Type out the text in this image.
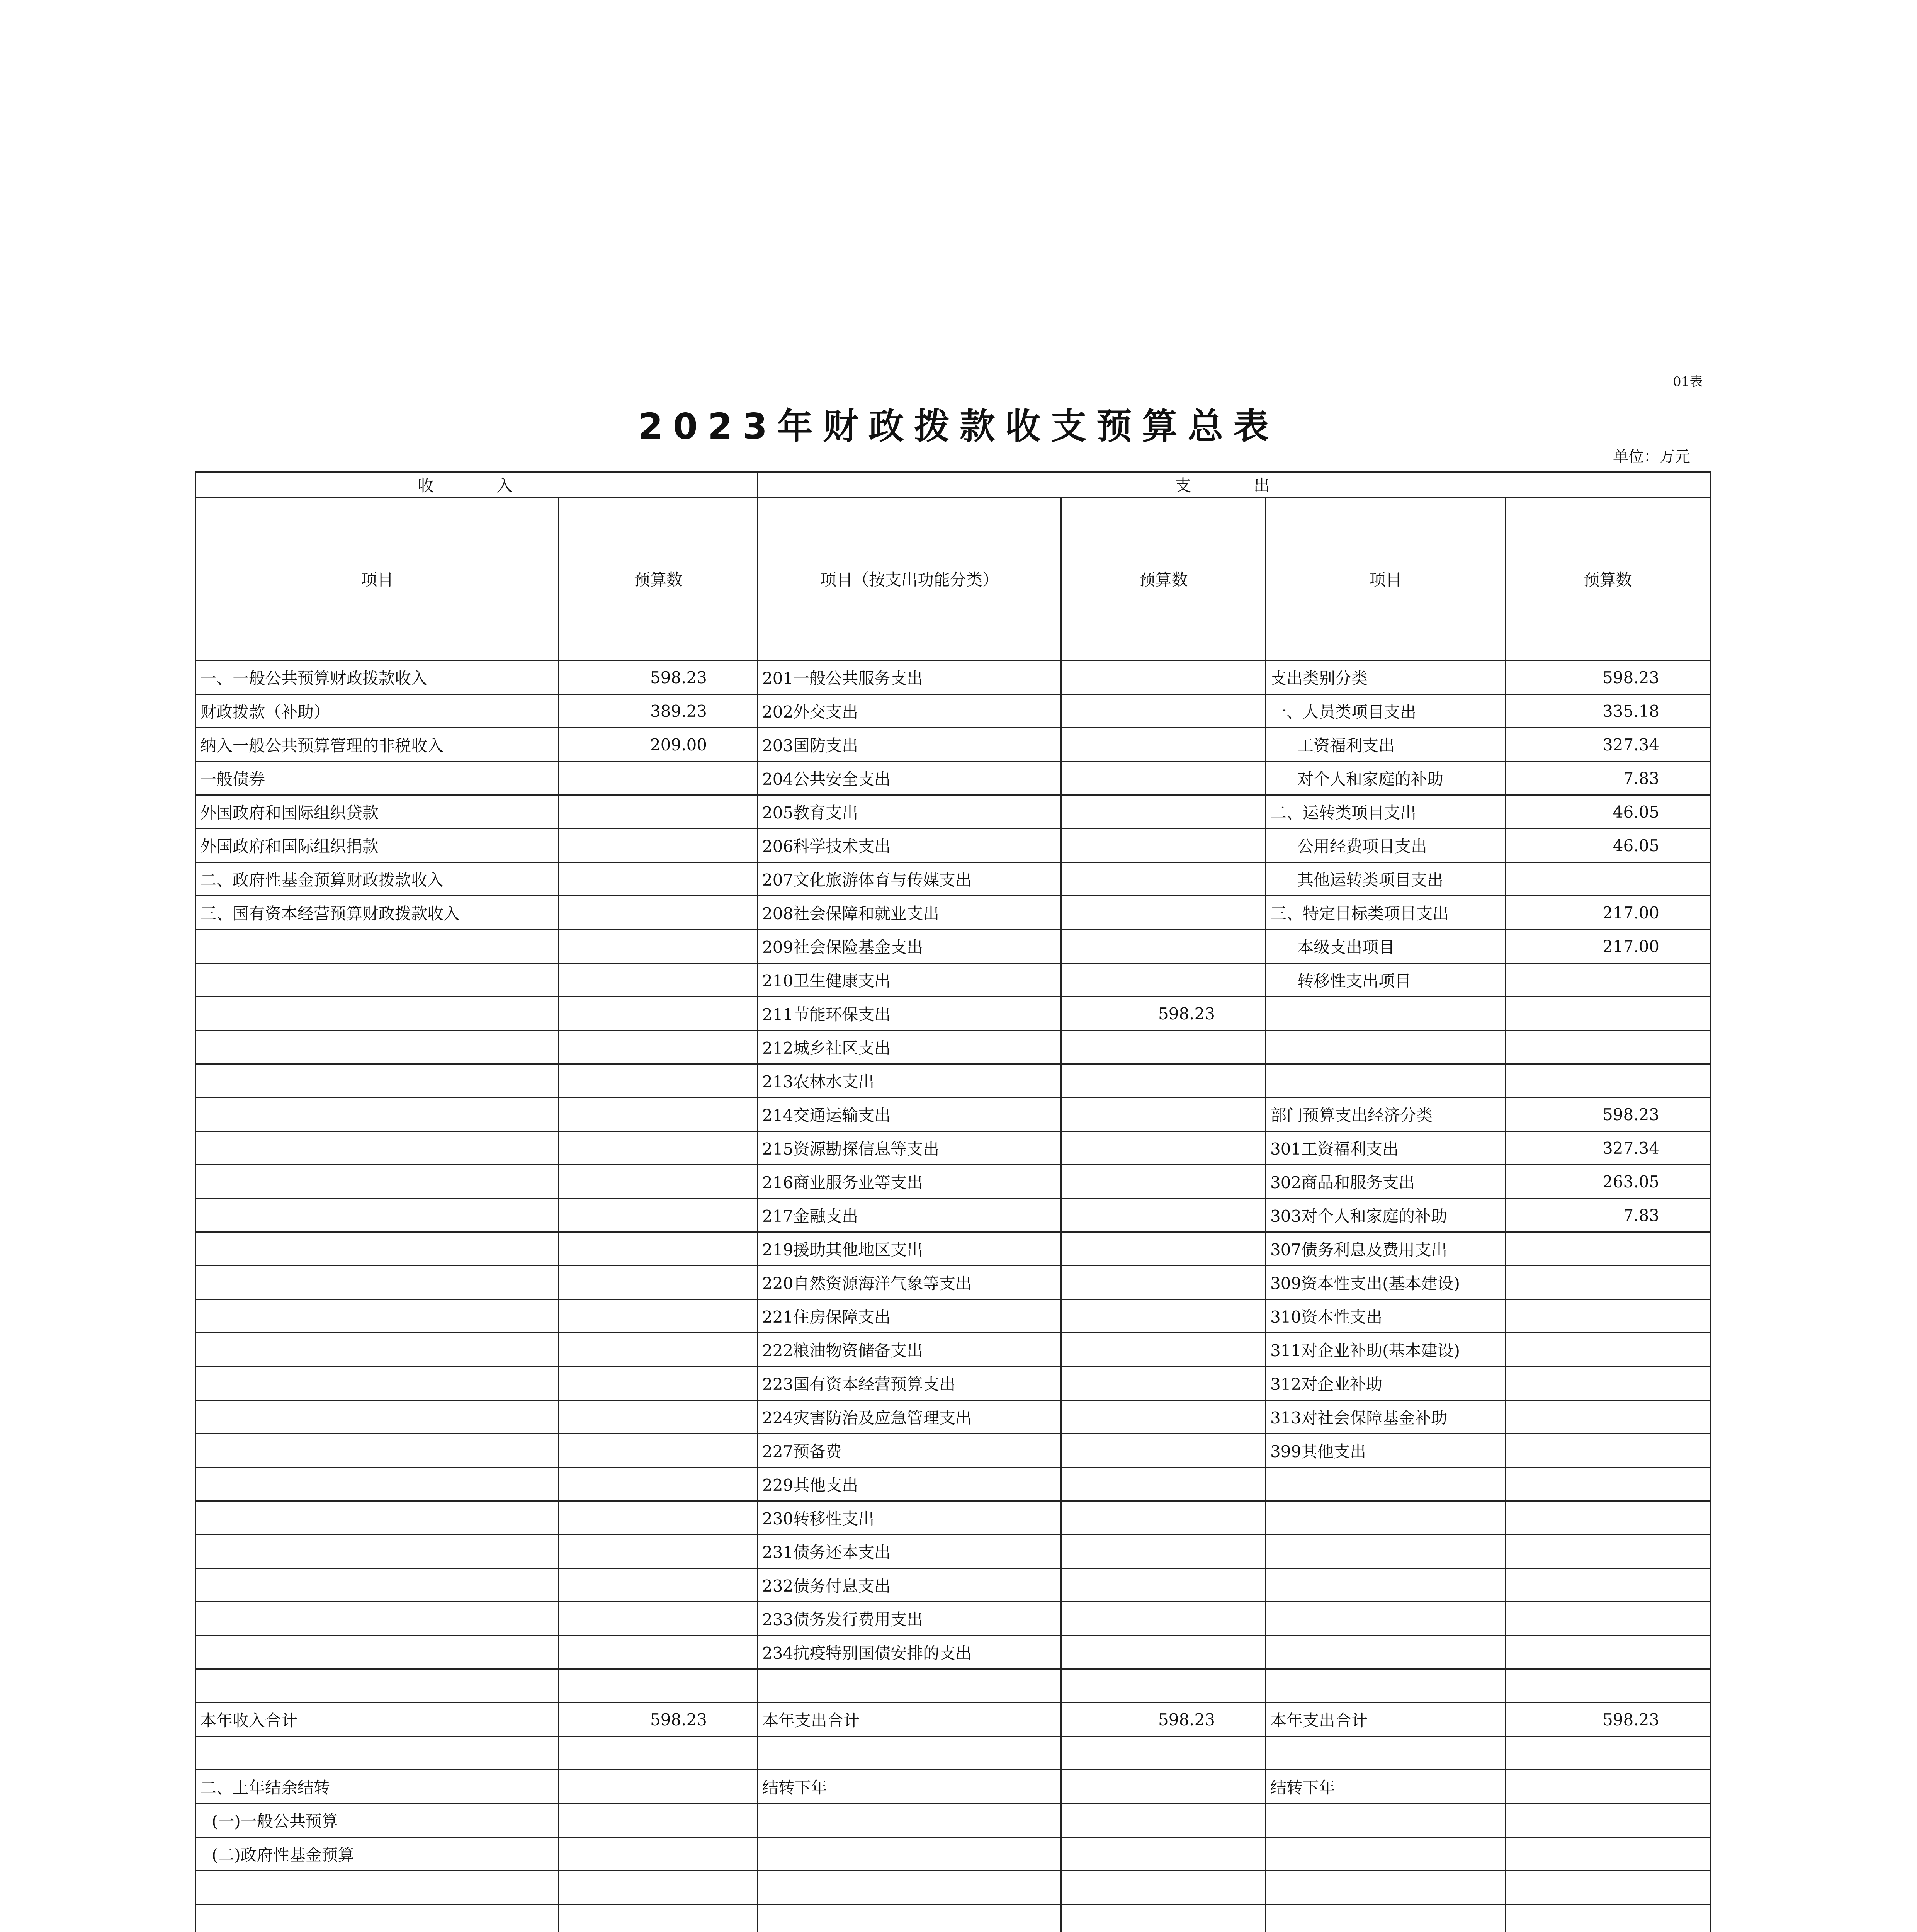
01表
2023年财政拨款收支预算总表
单位：万元
收　入		支　出			
项目	预算数	项目（按支出功能分类）	预算数	项目	预算数
一、一般公共预算财政拨款收入	598.23	201一般公共服务支出		支出类别分类	598.23
财政拨款（补助）	389.23	202外交支出		一、人员类项目支出	335.18
纳入一般公共预算管理的非税收入	209.00	203国防支出		工资福利支出	327.34
一般债券		204公共安全支出		对个人和家庭的补助	7.83
外国政府和国际组织贷款		205教育支出		二、运转类项目支出	46.05
外国政府和国际组织捐款		206科学技术支出		公用经费项目支出	46.05
二、政府性基金预算财政拨款收入		207文化旅游体育与传媒支出		其他运转类项目支出	
三、国有资本经营预算财政拨款收入		208社会保障和就业支出		三、特定目标类项目支出	217.00
		209社会保险基金支出		本级支出项目	217.00
		210卫生健康支出		转移性支出项目	
		211节能环保支出	598.23		
		212城乡社区支出			
		213农林水支出			
		214交通运输支出		部门预算支出经济分类	598.23
		215资源勘探信息等支出		301工资福利支出	327.34
		216商业服务业等支出		302商品和服务支出	263.05
		217金融支出		303对个人和家庭的补助	7.83
		219援助其他地区支出		307债务利息及费用支出	
		220自然资源海洋气象等支出		309资本性支出(基本建设)	
		221住房保障支出		310资本性支出	
		222粮油物资储备支出		311对企业补助(基本建设)	
		223国有资本经营预算支出		312对企业补助	
		224灾害防治及应急管理支出		313对社会保障基金补助	
		227预备费		399其他支出	
		229其他支出			
		230转移性支出			
		231债务还本支出			
		232债务付息支出			
		233债务发行费用支出			
		234抗疫特别国债安排的支出			

本年收入合计	598.23	本年支出合计	598.23	本年支出合计	598.23

二、上年结余结转		结转下年		结转下年	
(一)一般公共预算					
(二)政府性基金预算					
